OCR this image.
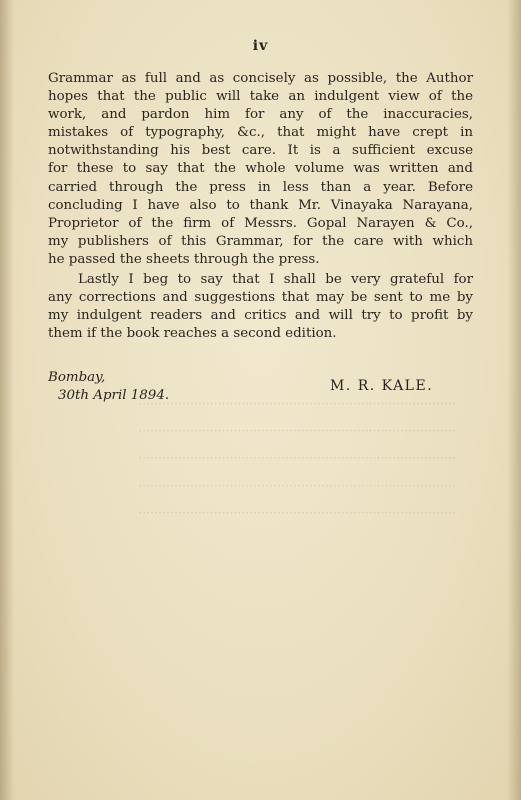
················································································

················································································

················································································

················································································

················································································

iv
Grammar as full and as concisely as possible, the Author
hopes that the public will take an indulgent view of the
work, and pardon him for any of the inaccuracies,
mistakes of typography, &c., that might have crept in
notwithstanding his best care. It is a sufficient excuse
for these to say that the whole volume was written and
carried through the press in less than a year. Before
concluding I have also to thank Mr. Vinayaka Narayana,
Proprietor of the firm of Messrs. Gopal Narayen & Co.,
my publishers of this Grammar, for the care with which
he passed the sheets through the press.
Lastly I beg to say that I shall be very grateful for
any corrections and suggestions that may be sent to me by
my indulgent readers and critics and will try to profit by
them if the book reaches a second edition.
Bombay,
30th April 1894.
M. R. KALE.
